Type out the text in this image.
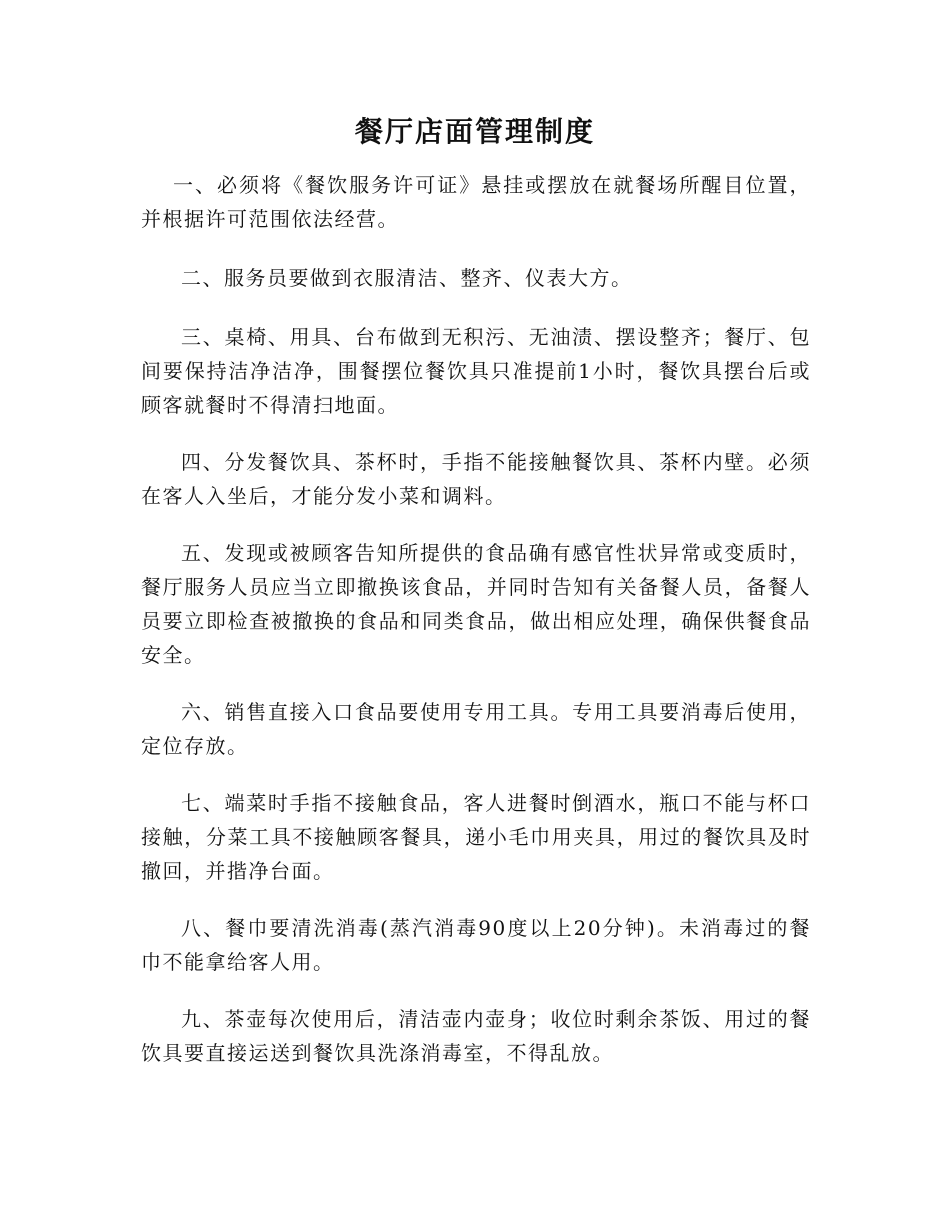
餐厅店面管理制度

一、必须将《餐饮服务许可证》悬挂或摆放在就餐场所醒目位置，并根据许可范围依法经营。

二、服务员要做到衣服清洁、整齐、仪表大方。

三、桌椅、用具、台布做到无积污、无油渍、摆设整齐；餐厅、包间要保持洁净洁净，围餐摆位餐饮具只准提前1小时，餐饮具摆台后或顾客就餐时不得清扫地面。

四、分发餐饮具、茶杯时，手指不能接触餐饮具、茶杯内壁。必须在客人入坐后，才能分发小菜和调料。

五、发现或被顾客告知所提供的食品确有感官性状异常或变质时，餐厅服务人员应当立即撤换该食品，并同时告知有关备餐人员，备餐人员要立即检查被撤换的食品和同类食品，做出相应处理，确保供餐食品安全。

六、销售直接入口食品要使用专用工具。专用工具要消毒后使用，定位存放。

七、端菜时手指不接触食品，客人进餐时倒酒水，瓶口不能与杯口接触，分菜工具不接触顾客餐具，递小毛巾用夹具，用过的餐饮具及时撤回，并揩净台面。

八、餐巾要清洗消毒(蒸汽消毒90度以上20分钟)。未消毒过的餐巾不能拿给客人用。

九、茶壶每次使用后，清洁壶内壶身；收位时剩余茶饭、用过的餐饮具要直接运送到餐饮具洗涤消毒室，不得乱放。
